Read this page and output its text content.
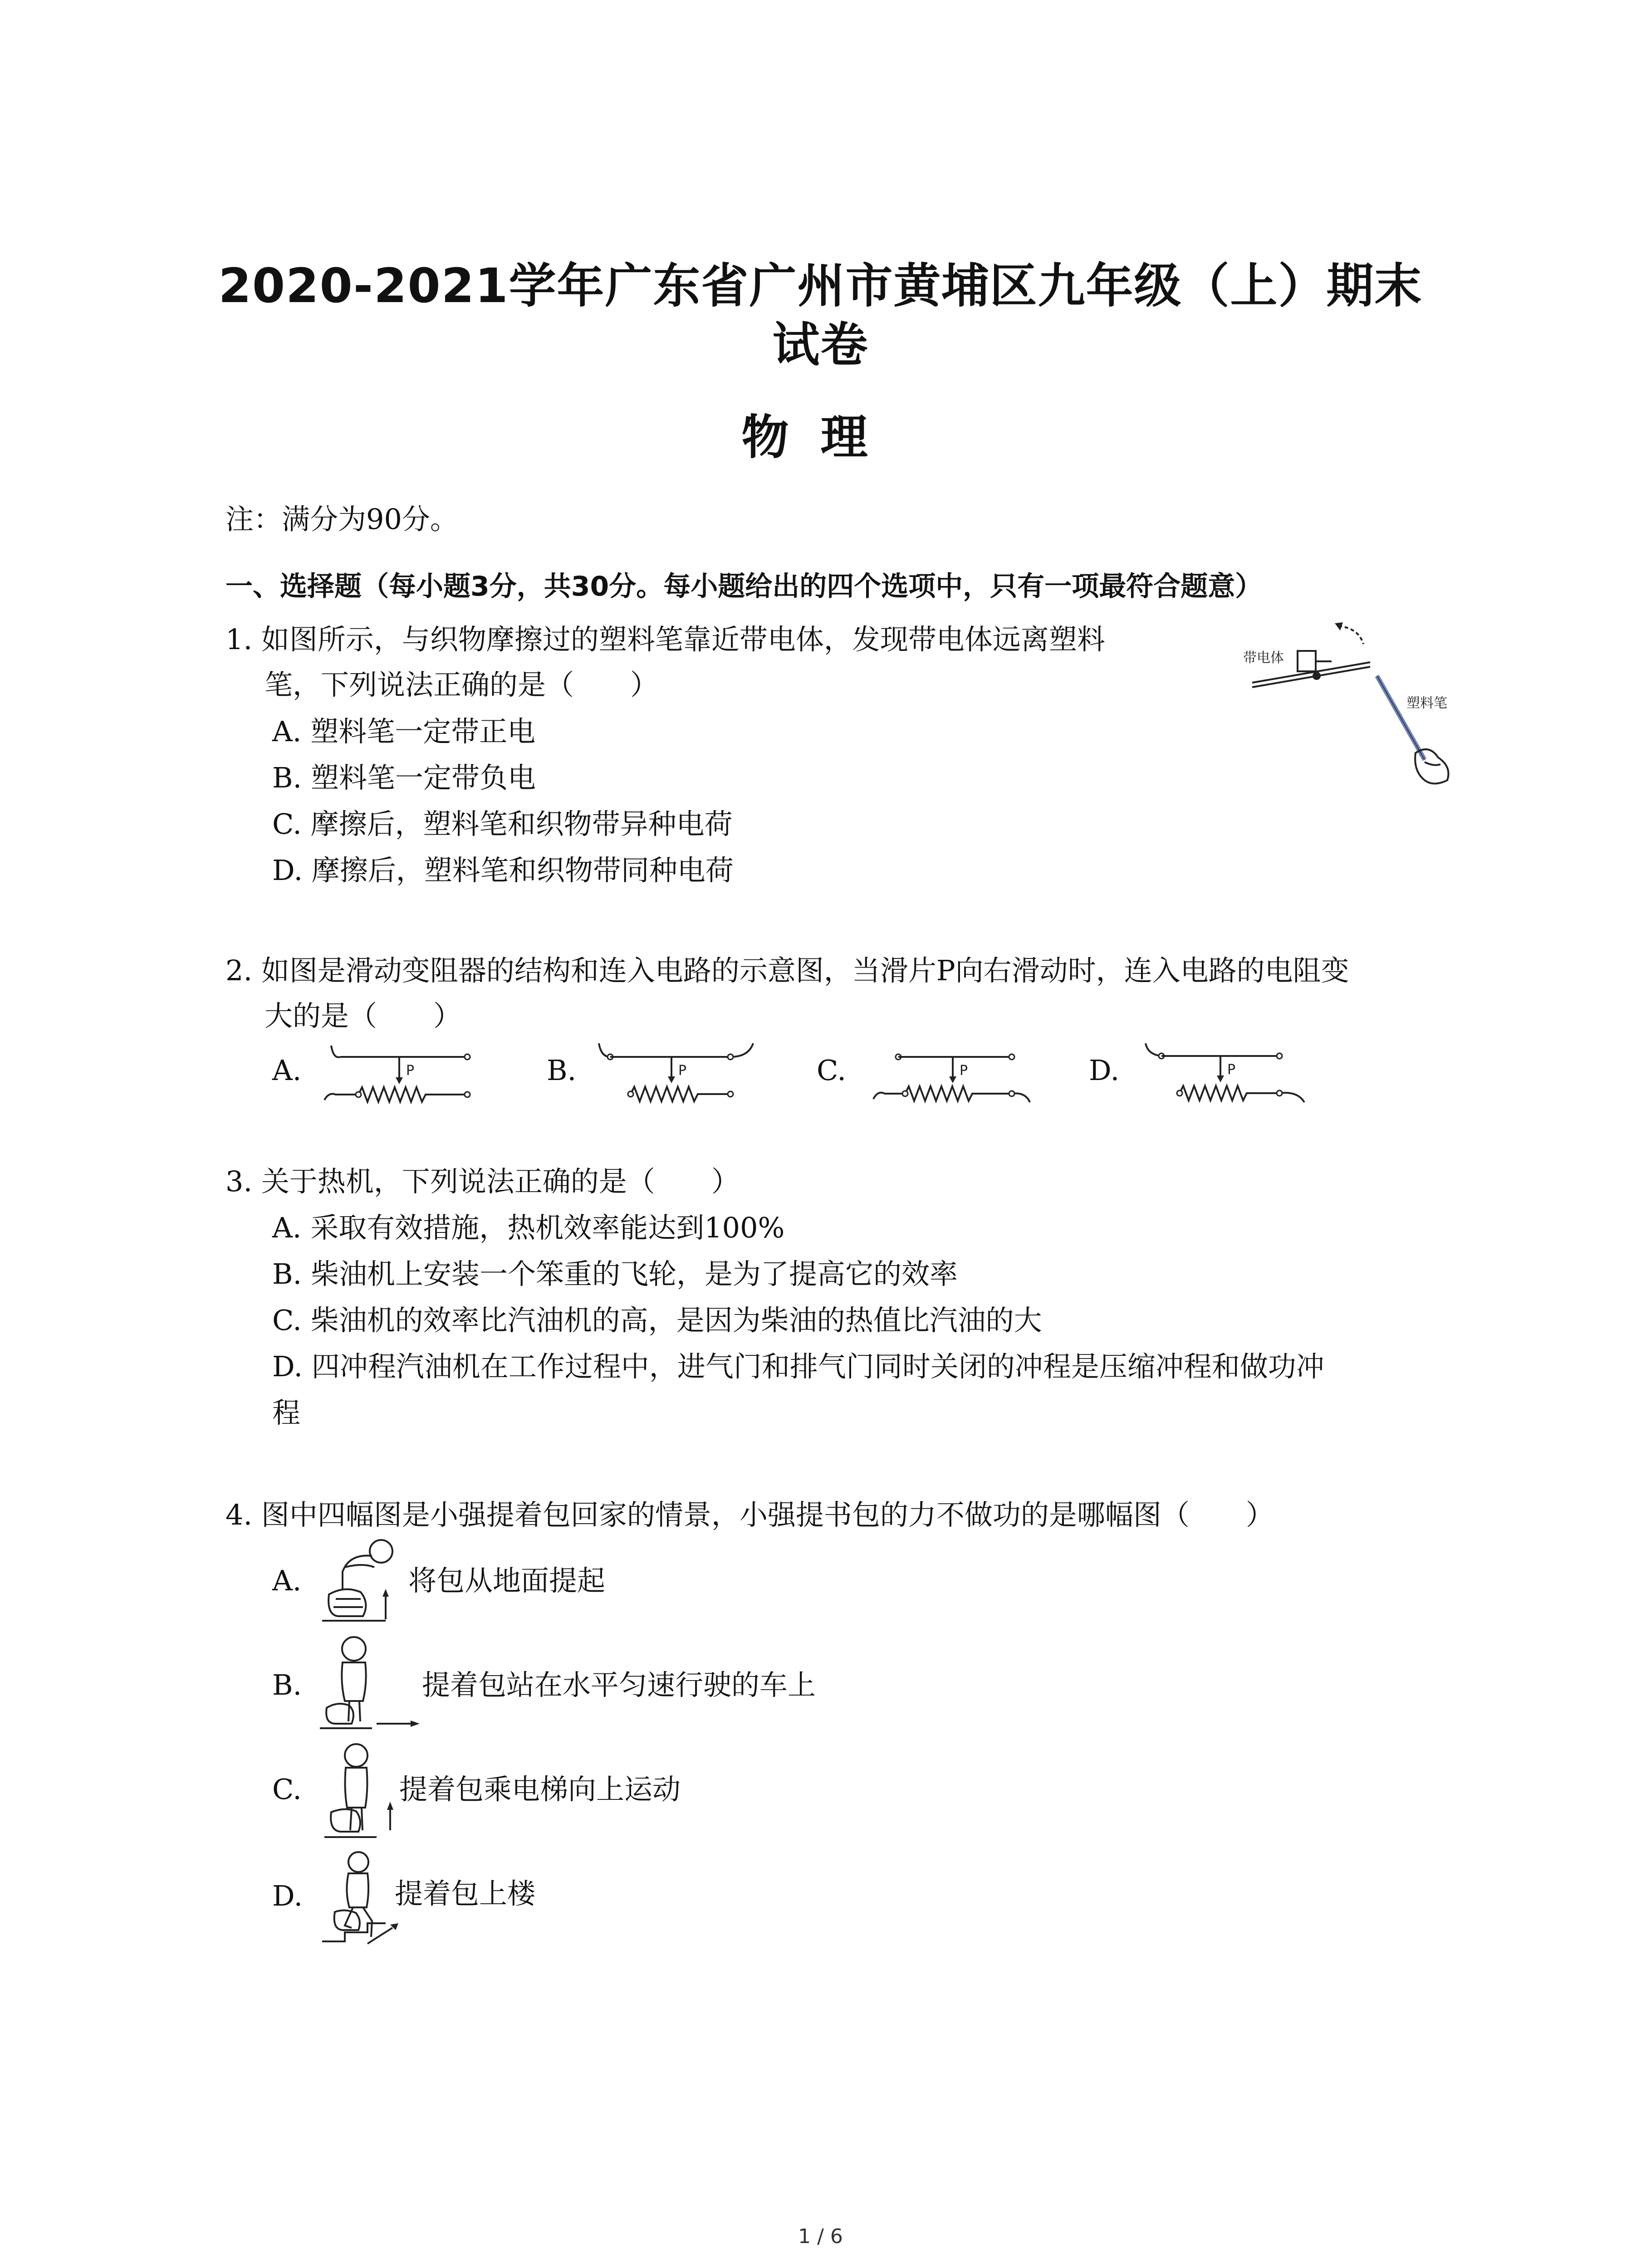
2020-2021学年广东省广州市黄埔区九年级（上）期末
试卷
物理
注：满分为90分。
一、选择题（每小题3分，共30分。每小题给出的四个选项中，只有一项最符合题意）
1. 如图所示，与织物摩擦过的塑料笔靠近带电体，发现带电体远离塑料
笔，下列说法正确的是（　　）
A. 塑料笔一定带正电
B. 塑料笔一定带负电
C. 摩擦后，塑料笔和织物带异种电荷
D. 摩擦后，塑料笔和织物带同种电荷
带电体
塑料笔
2. 如图是滑动变阻器的结构和连入电路的示意图，当滑片P向右滑动时，连入电路的电阻变
大的是（　　）
A.	B.	C.	D.
P	P	P	P
3. 关于热机，下列说法正确的是（　　）
A. 采取有效措施，热机效率能达到100%
B. 柴油机上安装一个笨重的飞轮，是为了提高它的效率
C. 柴油机的效率比汽油机的高，是因为柴油的热值比汽油的大
D. 四冲程汽油机在工作过程中，进气门和排气门同时关闭的冲程是压缩冲程和做功冲
程
4. 图中四幅图是小强提着包回家的情景，小强提书包的力不做功的是哪幅图（　　）
A.	将包从地面提起
B.	提着包站在水平匀速行驶的车上
C.	提着包乘电梯向上运动
D.	提着包上楼
1 / 6
